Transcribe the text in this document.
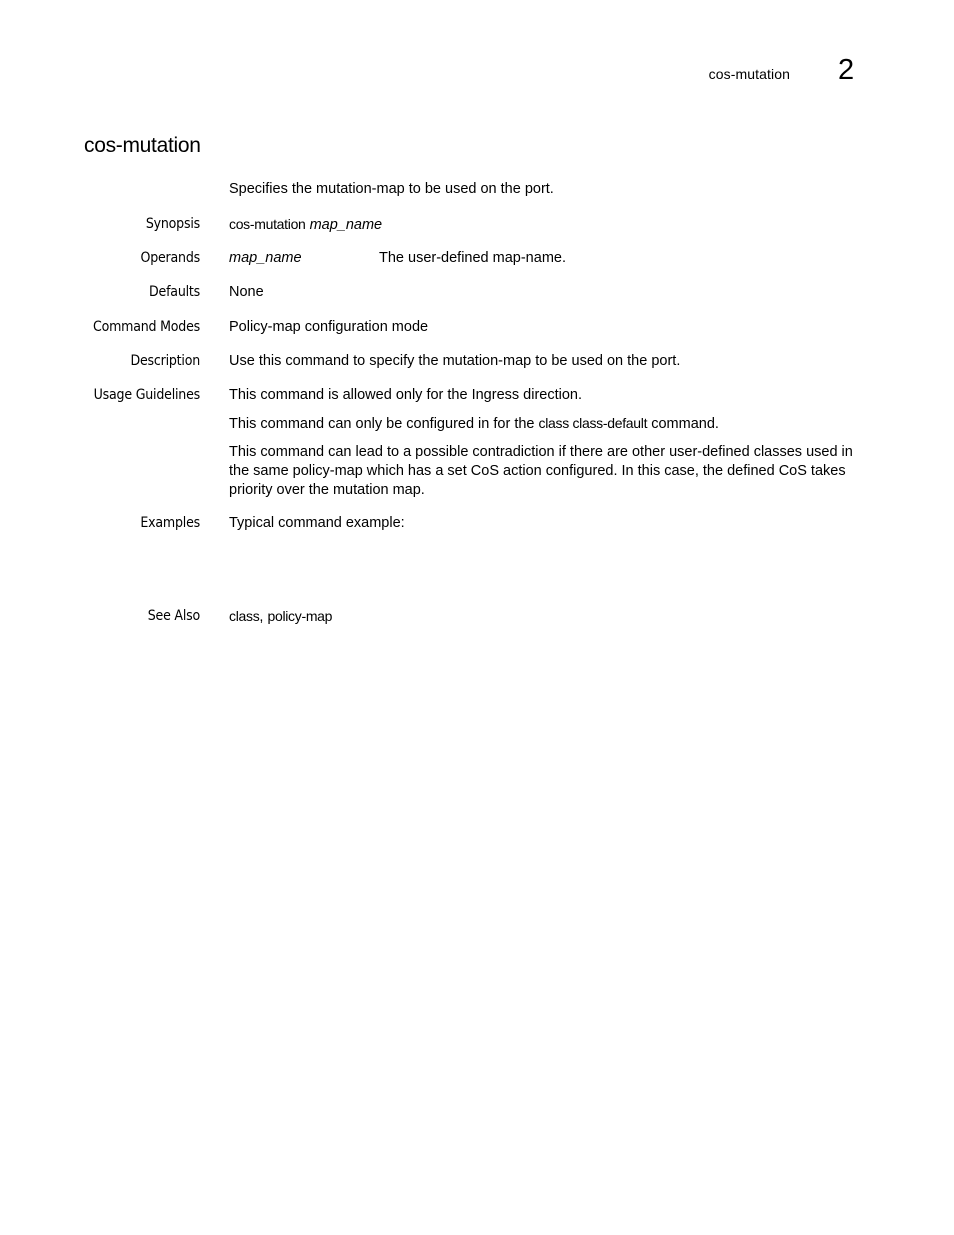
cos-mutation 2
cos-mutation

Specifies the mutation-map to be used on the port.

Synopsis cos-mutation map_name
Operands map_name	The user-defined map-name.
Defaults None
Command Modes Policy-map configuration mode
Description Use this command to specify the mutation-map to be used on the port.
Usage Guidelines This command is allowed only for the Ingress direction.

This command can only be configured in for the class class-default command.

This command can lead to a possible contradiction if there are other user-defined classes used in the same policy-map which has a set CoS action configured. In this case, the defined CoS takes priority over the mutation map.

Examples Typical command example:
See Also class, policy-map
